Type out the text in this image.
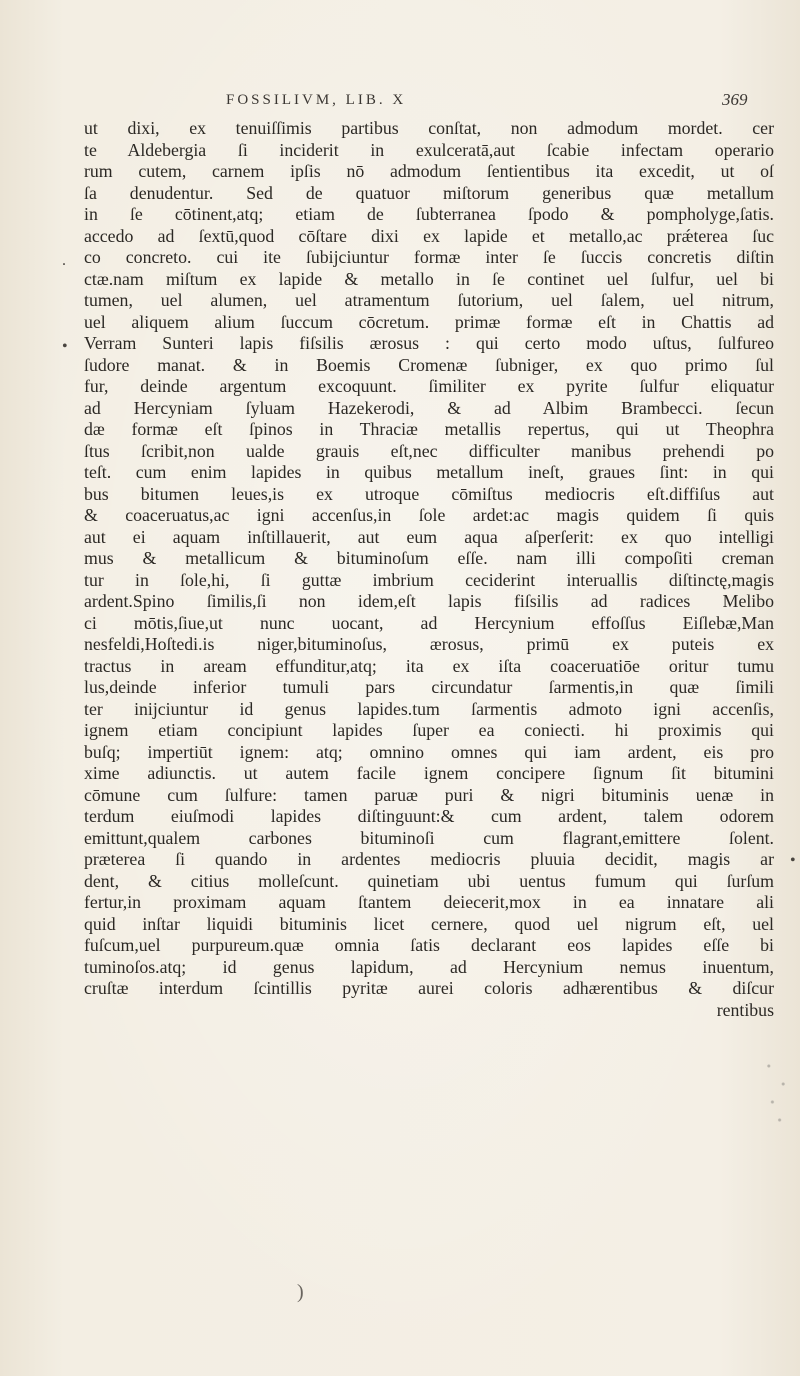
FOSSILIVM, LIB. X	369
.
•
•
ut dixi, ex tenuiſſimis partibus conſtat, non admodum mordet. cer
te Aldebergia ſi inciderit in exulceratā,aut ſcabie infectam operario
rum cutem, carnem ipſis nō admodum ſentientibus ita excedit, ut oſ
ſa denudentur. Sed de quatuor miſtorum generibus quæ metallum
in ſe cōtinent,atq; etiam de ſubterranea ſpodo & pompholyge,ſatis.
accedo ad ſextū,quod cōſtare dixi ex lapide et metallo,ac prǽterea ſuc
co concreto. cui ite ſubijciuntur formæ inter ſe ſuccis concretis diſtin
ctæ.nam miſtum ex lapide & metallo in ſe continet uel ſulfur, uel bi
tumen, uel alumen, uel atramentum ſutorium, uel ſalem, uel nitrum,
uel aliquem alium ſuccum cōcretum. primæ formæ eſt in Chattis ad
Verram Sunteri lapis fiſsilis ærosus : qui certo modo uſtus, ſulfureo
ſudore manat. & in Boemis Cromenæ ſubniger, ex quo primo ſul
fur, deinde argentum excoquunt. ſimiliter ex pyrite ſulfur eliquatur
ad Hercyniam ſyluam Hazekerodi, & ad Albim Brambecci. ſecun
dæ formæ eſt ſpinos in Thraciæ metallis repertus, qui ut Theophra
ſtus ſcribit,non ualde grauis eſt,nec difficulter manibus prehendi po
teſt. cum enim lapides in quibus metallum ineſt, graues ſint: in qui
bus bitumen leues,is ex utroque cōmiſtus mediocris eſt.diffiſus aut
& coaceruatus,ac igni accenſus,in ſole ardet:ac magis quidem ſi quis
aut ei aquam inſtillauerit, aut eum aqua aſperſerit: ex quo intelligi
mus & metallicum & bituminoſum eſſe. nam illi compoſiti creman
tur in ſole,hi, ſi guttæ imbrium ceciderint interuallis diſtinctę,magis
ardent.Spino ſimilis,ſi non idem,eſt lapis fiſsilis ad radices Melibo
ci mōtis,ſiue,ut nunc uocant, ad Hercynium effoſſus Eiſlebæ,Man
nesfeldi,Hoſtedi.is niger,bituminoſus, ærosus, primū ex puteis ex
tractus in aream effunditur,atq; ita ex iſta coaceruatiōe oritur tumu
lus,deinde inferior tumuli pars circundatur ſarmentis,in quæ ſimili
ter inijciuntur id genus lapides.tum ſarmentis admoto igni accenſis,
ignem etiam concipiunt lapides ſuper ea coniecti. hi proximis qui
buſq; impertiūt ignem: atq; omnino omnes qui iam ardent, eis pro
xime adiunctis. ut autem facile ignem concipere ſignum ſit bitumini
cōmune cum ſulfure: tamen paruæ puri & nigri bituminis uenæ in
terdum eiuſmodi lapides diſtinguunt:& cum ardent, talem odorem
emittunt,qualem carbones bituminoſi cum flagrant,emittere ſolent.
præterea ſi quando in ardentes mediocris pluuia decidit, magis ar
dent, & citius molleſcunt. quinetiam ubi uentus fumum qui ſurſum
fertur,in proximam aquam ſtantem deiecerit,mox in ea innatare ali
quid inſtar liquidi bituminis licet cernere, quod uel nigrum eſt, uel
fuſcum,uel purpureum.quæ omnia ſatis declarant eos lapides eſſe bi
tuminoſos.atq; id genus lapidum, ad Hercynium nemus inuentum,
cruſtæ interdum ſcintillis pyritæ aurei coloris adhærentibus & diſcur
rentibus
)
